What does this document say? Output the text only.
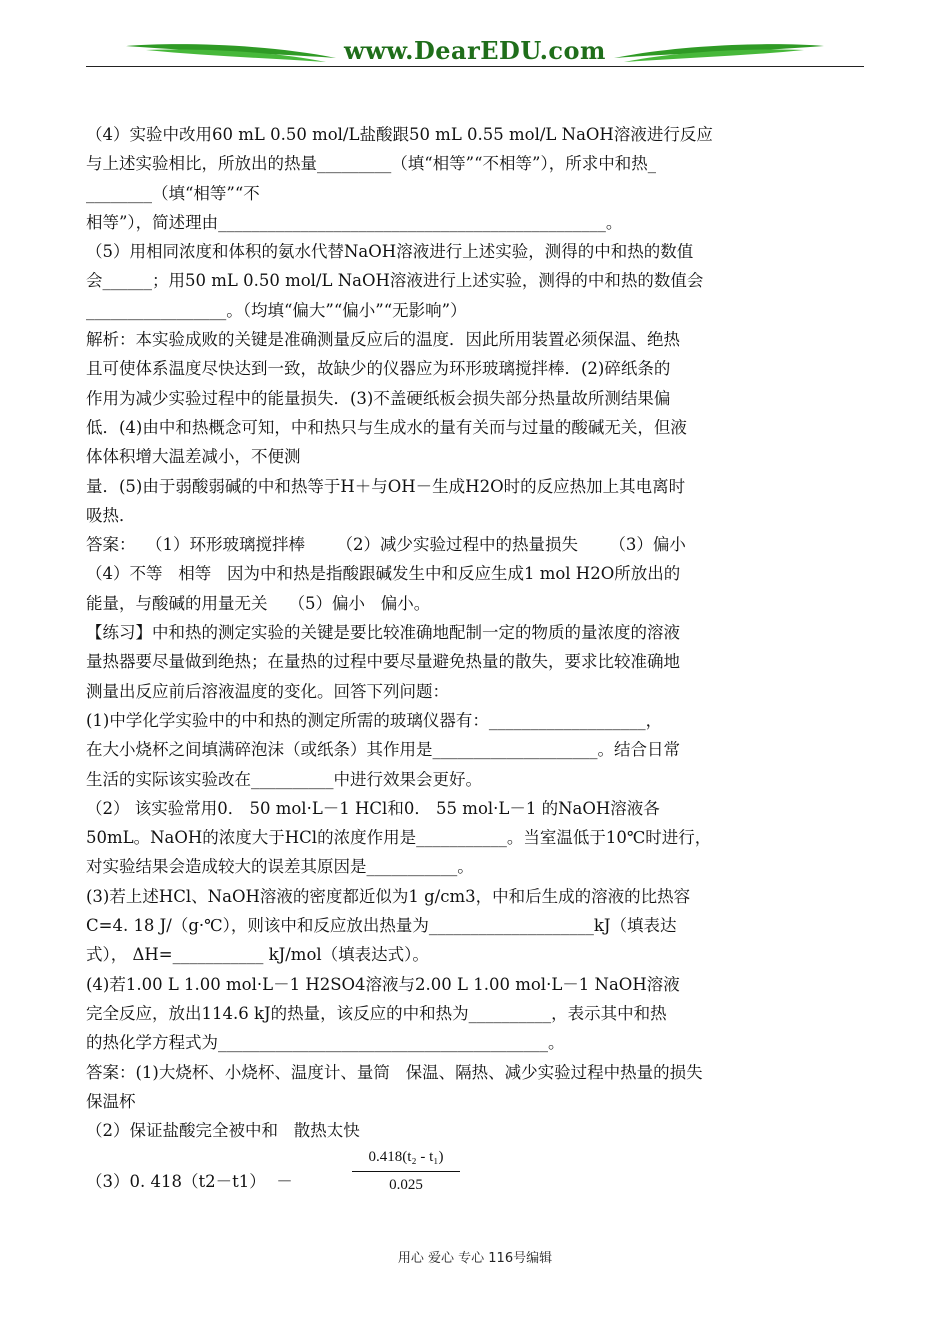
www.DearEDU.com
（4）实验中改用60 mL 0.50 mol/L盐酸跟50 mL 0.55 mol/L NaOH溶液进行反应
与上述实验相比，所放出的热量_________（填“相等”“不相等”），所求中和热_
________（填“相等”“不
相等”），简述理由_______________________________________________。
（5）用相同浓度和体积的氨水代替NaOH溶液进行上述实验，测得的中和热的数值
会______；用50 mL 0.50 mol/L NaOH溶液进行上述实验，测得的中和热的数值会
_________________。（均填“偏大”“偏小”“无影响”）
解析：本实验成败的关键是准确测量反应后的温度．因此所用装置必须保温、绝热
且可使体系温度尽快达到一致，故缺少的仪器应为环形玻璃搅拌棒．(2)碎纸条的
作用为减少实验过程中的能量损失．(3)不盖硬纸板会损失部分热量故所测结果偏
低．(4)由中和热概念可知，中和热只与生成水的量有关而与过量的酸碱无关，但液
体体积增大温差减小，不便测
量．(5)由于弱酸弱碱的中和热等于H＋与OH－生成H2O时的反应热加上其电离时
吸热．
答案：  （1）环形玻璃搅拌棒      （2）减少实验过程中的热量损失      （3）偏小
（4）不等   相等   因为中和热是指酸跟碱发生中和反应生成1 mol H2O所放出的
能量，与酸碱的用量无关    （5）偏小   偏小。
【练习】中和热的测定实验的关键是要比较准确地配制一定的物质的量浓度的溶液
量热器要尽量做到绝热；在量热的过程中要尽量避免热量的散失，要求比较准确地
测量出反应前后溶液温度的变化。回答下列问题：
(1)中学化学实验中的中和热的测定所需的玻璃仪器有：___________________，
在大小烧杯之间填满碎泡沫（或纸条）其作用是____________________。结合日常
生活的实际该实验改在__________中进行效果会更好。
（2） 该实验常用0． 50 mol·L－1 HCl和0． 55 mol·L－1 的NaOH溶液各
50mL。NaOH的浓度大于HCl的浓度作用是___________。当室温低于10℃时进行，
对实验结果会造成较大的误差其原因是___________。
(3)若上述HCl、NaOH溶液的密度都近似为1 g/cm3，中和后生成的溶液的比热容
C=4. 18 J/（g·℃），则该中和反应放出热量为____________________kJ（填表达
式）， ΔH=___________ kJ/mol（填表达式）。
(4)若1.00 L 1.00 mol·L－1 H2SO4溶液与2.00 L 1.00 mol·L－1 NaOH溶液
完全反应，放出114.6 kJ的热量，该反应的中和热为__________，表示其中和热
的热化学方程式为________________________________________。
答案：(1)大烧杯、小烧杯、温度计、量筒   保温、隔热、减少实验过程中热量的损失
保温杯
（2）保证盐酸完全被中和   散热太快
（3）0. 418（t2－t1）  －
0.418(t₂ - t₁)
0.025
用心 爱心 专心 116号编辑
